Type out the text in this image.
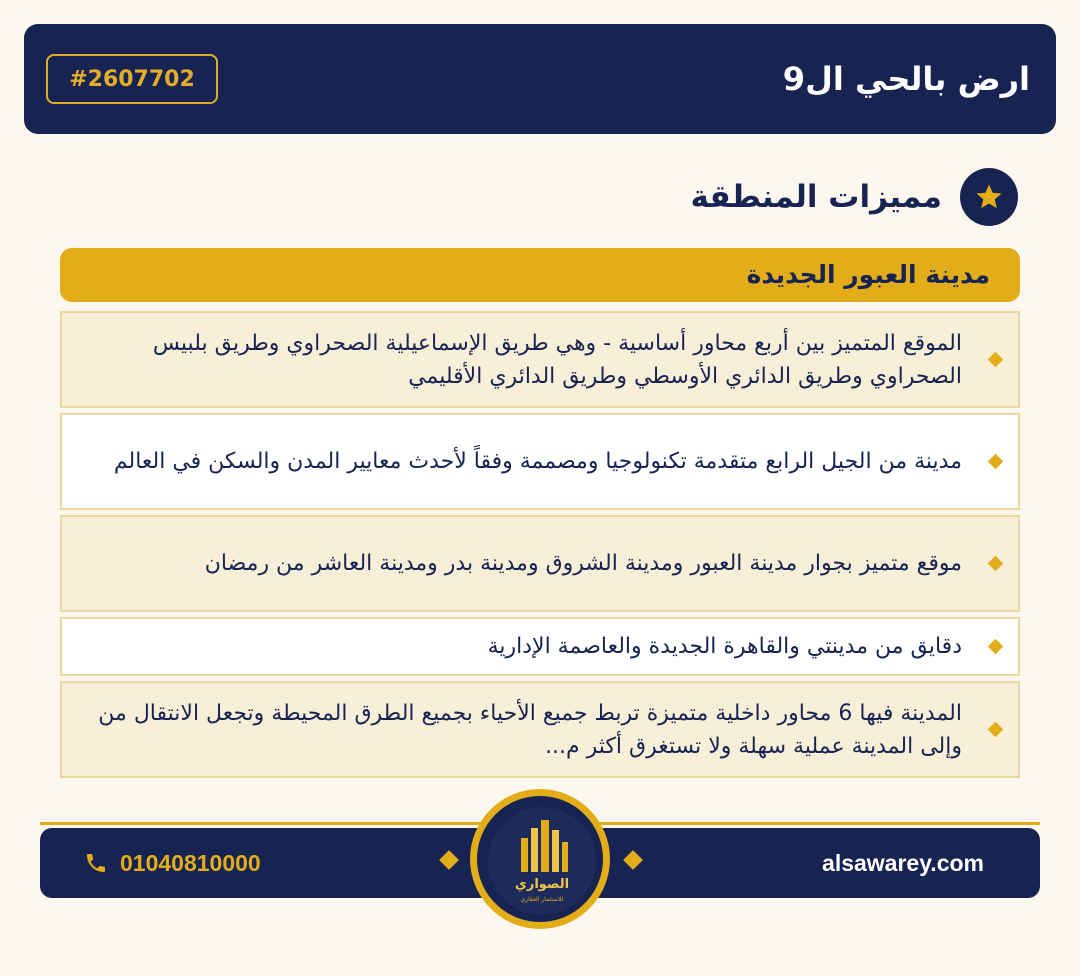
#2607702	ارض بالحي ال9
مميزات المنطقة
مدينة العبور الجديدة
الموقع المتميز بين أربع محاور أساسية - وهي طريق الإسماعيلية الصحراوي وطريق بلبيس الصحراوي وطريق الدائري الأوسطي وطريق الدائري الأقليمي
مدينة من الجيل الرابع متقدمة تكنولوجيا ومصممة وفقاً لأحدث معايير المدن والسكن في العالم
موقع متميز بجوار مدينة العبور ومدينة الشروق ومدينة بدر ومدينة العاشر من رمضان
دقايق من مدينتي والقاهرة الجديدة والعاصمة الإدارية
المدينة فيها 6 محاور داخلية متميزة تربط جميع الأحياء بجميع الطرق المحيطة وتجعل الانتقال من وإلى المدينة عملية سهلة ولا تستغرق أكثر م...
01040810000	alsawarey.com
الصواري
للاستثمار العقاري
